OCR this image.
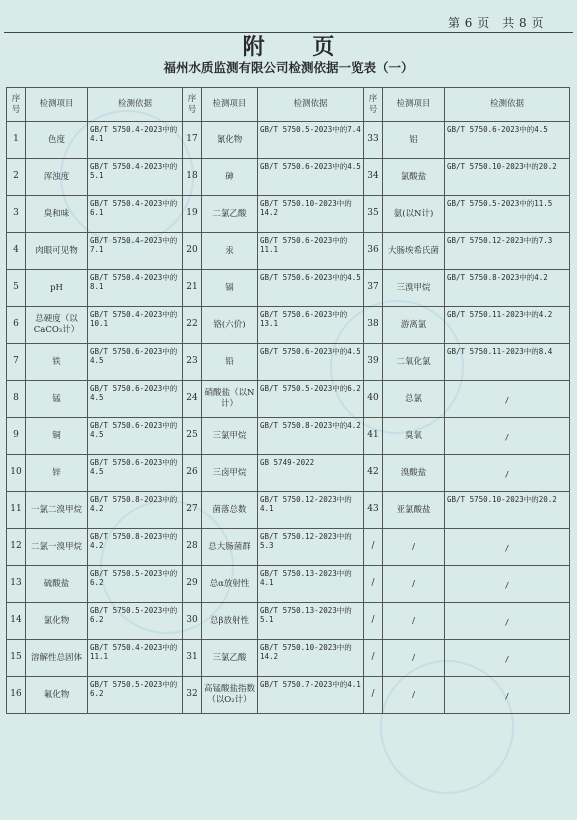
第 6 页　共 8 页
附 页
福州水质监测有限公司检测依据一览表（一）
序号	检测项目	检测依据	序号	检测项目	检测依据	序号	检测项目	检测依据
1	色度	GB/T 5750.4-2023中的4.1	17	氰化物	GB/T 5750.5-2023中的7.4	33	铝	GB/T 5750.6-2023中的4.5
2	浑浊度	GB/T 5750.4-2023中的5.1	18	砷	GB/T 5750.6-2023中的4.5	34	氯酸盐	GB/T 5750.10-2023中的20.2
3	臭和味	GB/T 5750.4-2023中的6.1	19	二氯乙酸	GB/T 5750.10-2023中的14.2	35	氨(以N计)	GB/T 5750.5-2023中的11.5
4	肉眼可见物	GB/T 5750.4-2023中的7.1	20	汞	GB/T 5750.6-2023中的11.1	36	大肠埃希氏菌	GB/T 5750.12-2023中的7.3
5	pH	GB/T 5750.4-2023中的8.1	21	镉	GB/T 5750.6-2023中的4.5	37	三溴甲烷	GB/T 5750.8-2023中的4.2
6	总硬度（以CaCO₃计）	GB/T 5750.4-2023中的10.1	22	铬(六价)	GB/T 5750.6-2023中的13.1	38	游离氯	GB/T 5750.11-2023中的4.2
7	铁	GB/T 5750.6-2023中的4.5	23	铅	GB/T 5750.6-2023中的4.5	39	二氧化氯	GB/T 5750.11-2023中的8.4
8	锰	GB/T 5750.6-2023中的4.5	24	硝酸盐（以N计）	GB/T 5750.5-2023中的6.2	40	总氯	/
9	铜	GB/T 5750.6-2023中的4.5	25	三氯甲烷	GB/T 5750.8-2023中的4.2	41	臭氧	/
10	锌	GB/T 5750.6-2023中的4.5	26	三卤甲烷	GB 5749-2022	42	溴酸盐	/
11	一氯二溴甲烷	GB/T 5750.8-2023中的4.2	27	菌落总数	GB/T 5750.12-2023中的4.1	43	亚氯酸盐	GB/T 5750.10-2023中的20.2
12	二氯一溴甲烷	GB/T 5750.8-2023中的4.2	28	总大肠菌群	GB/T 5750.12-2023中的5.3	/	/	/
13	硫酸盐	GB/T 5750.5-2023中的6.2	29	总α放射性	GB/T 5750.13-2023中的4.1	/	/	/
14	氯化物	GB/T 5750.5-2023中的6.2	30	总β放射性	GB/T 5750.13-2023中的5.1	/	/	/
15	溶解性总固体	GB/T 5750.4-2023中的11.1	31	三氯乙酸	GB/T 5750.10-2023中的14.2	/	/	/
16	氟化物	GB/T 5750.5-2023中的6.2	32	高锰酸盐指数（以O₂计）	GB/T 5750.7-2023中的4.1	/	/	/
